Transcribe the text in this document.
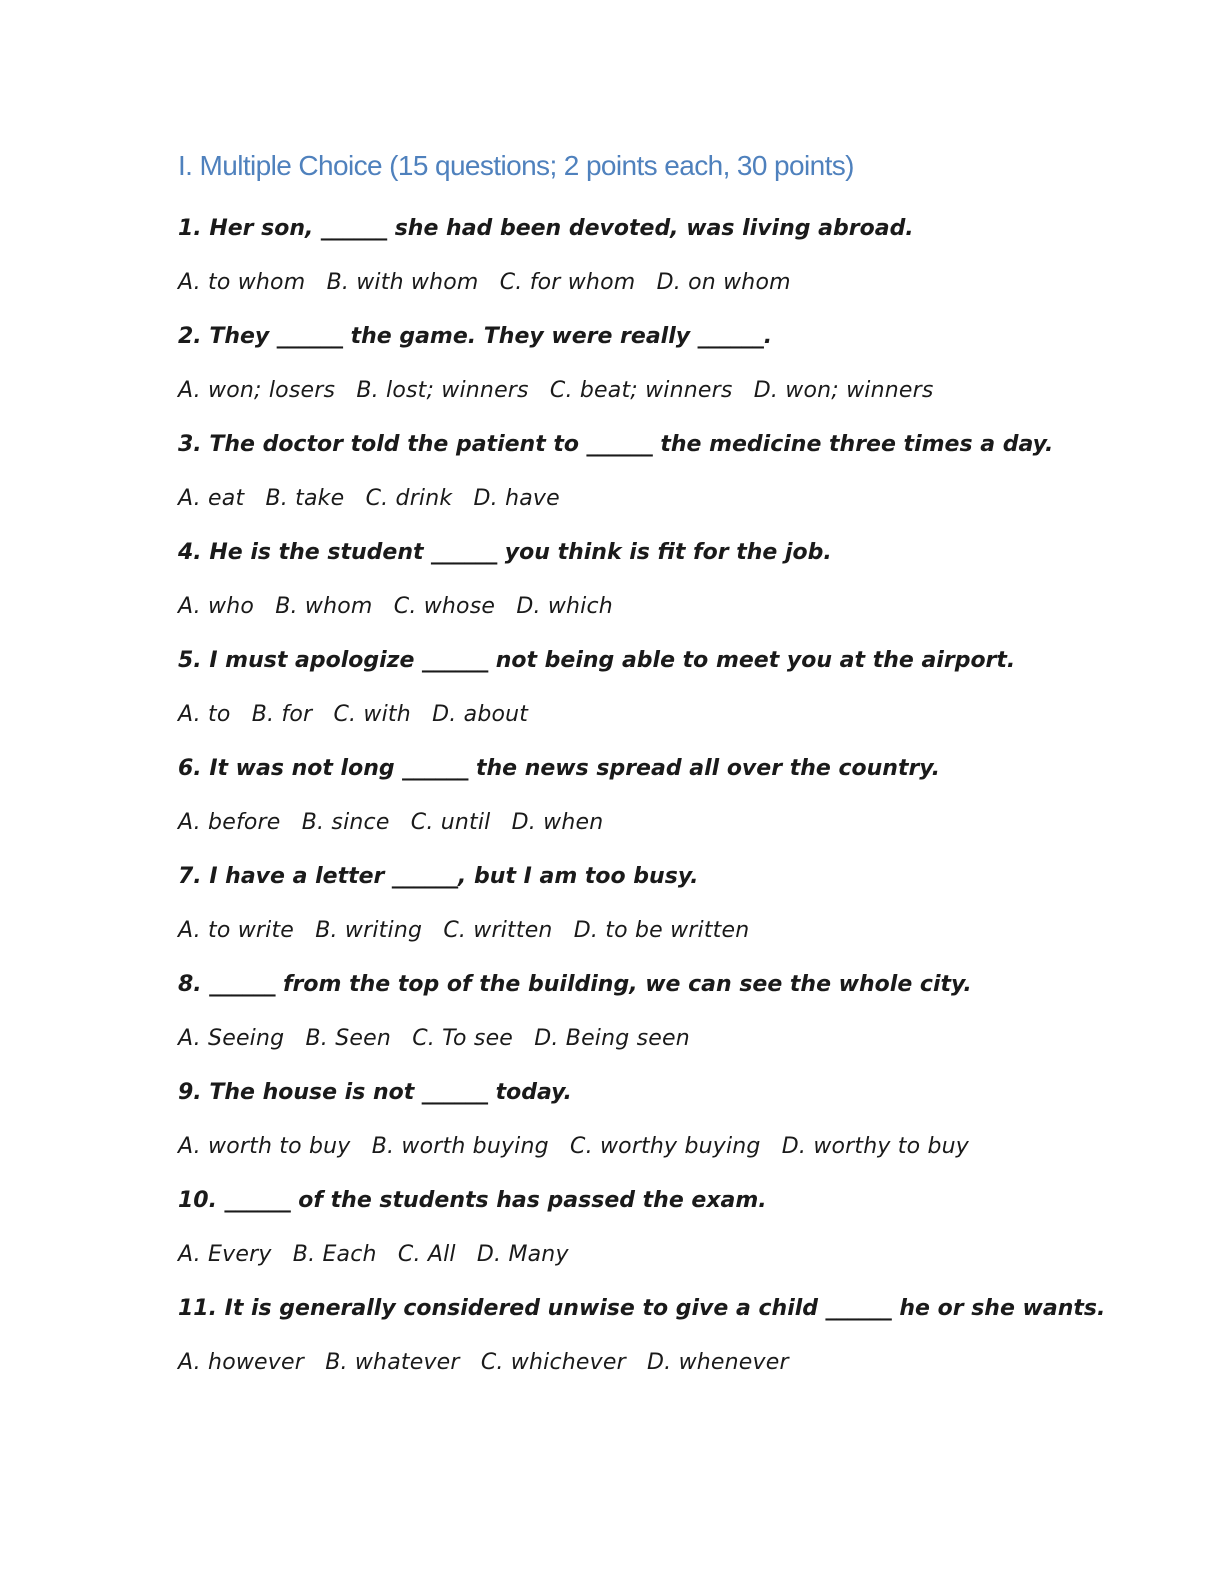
I. Multiple Choice (15 questions; 2 points each, 30 points)
1. Her son, ______ she had been devoted, was living abroad.
A. to whom B. with whom C. for whom D. on whom
2. They ______ the game. They were really ______.
A. won; losers B. lost; winners C. beat; winners D. won; winners
3. The doctor told the patient to ______ the medicine three times a day.
A. eat B. take C. drink D. have
4. He is the student ______ you think is fit for the job.
A. who B. whom C. whose D. which
5. I must apologize ______ not being able to meet you at the airport.
A. to B. for C. with D. about
6. It was not long ______ the news spread all over the country.
A. before B. since C. until D. when
7. I have a letter ______, but I am too busy.
A. to write B. writing C. written D. to be written
8. ______ from the top of the building, we can see the whole city.
A. Seeing B. Seen C. To see D. Being seen
9. The house is not ______ today.
A. worth to buy B. worth buying C. worthy buying D. worthy to buy
10. ______ of the students has passed the exam.
A. Every B. Each C. All D. Many
11. It is generally considered unwise to give a child ______ he or she wants.
A. however B. whatever C. whichever D. whenever
